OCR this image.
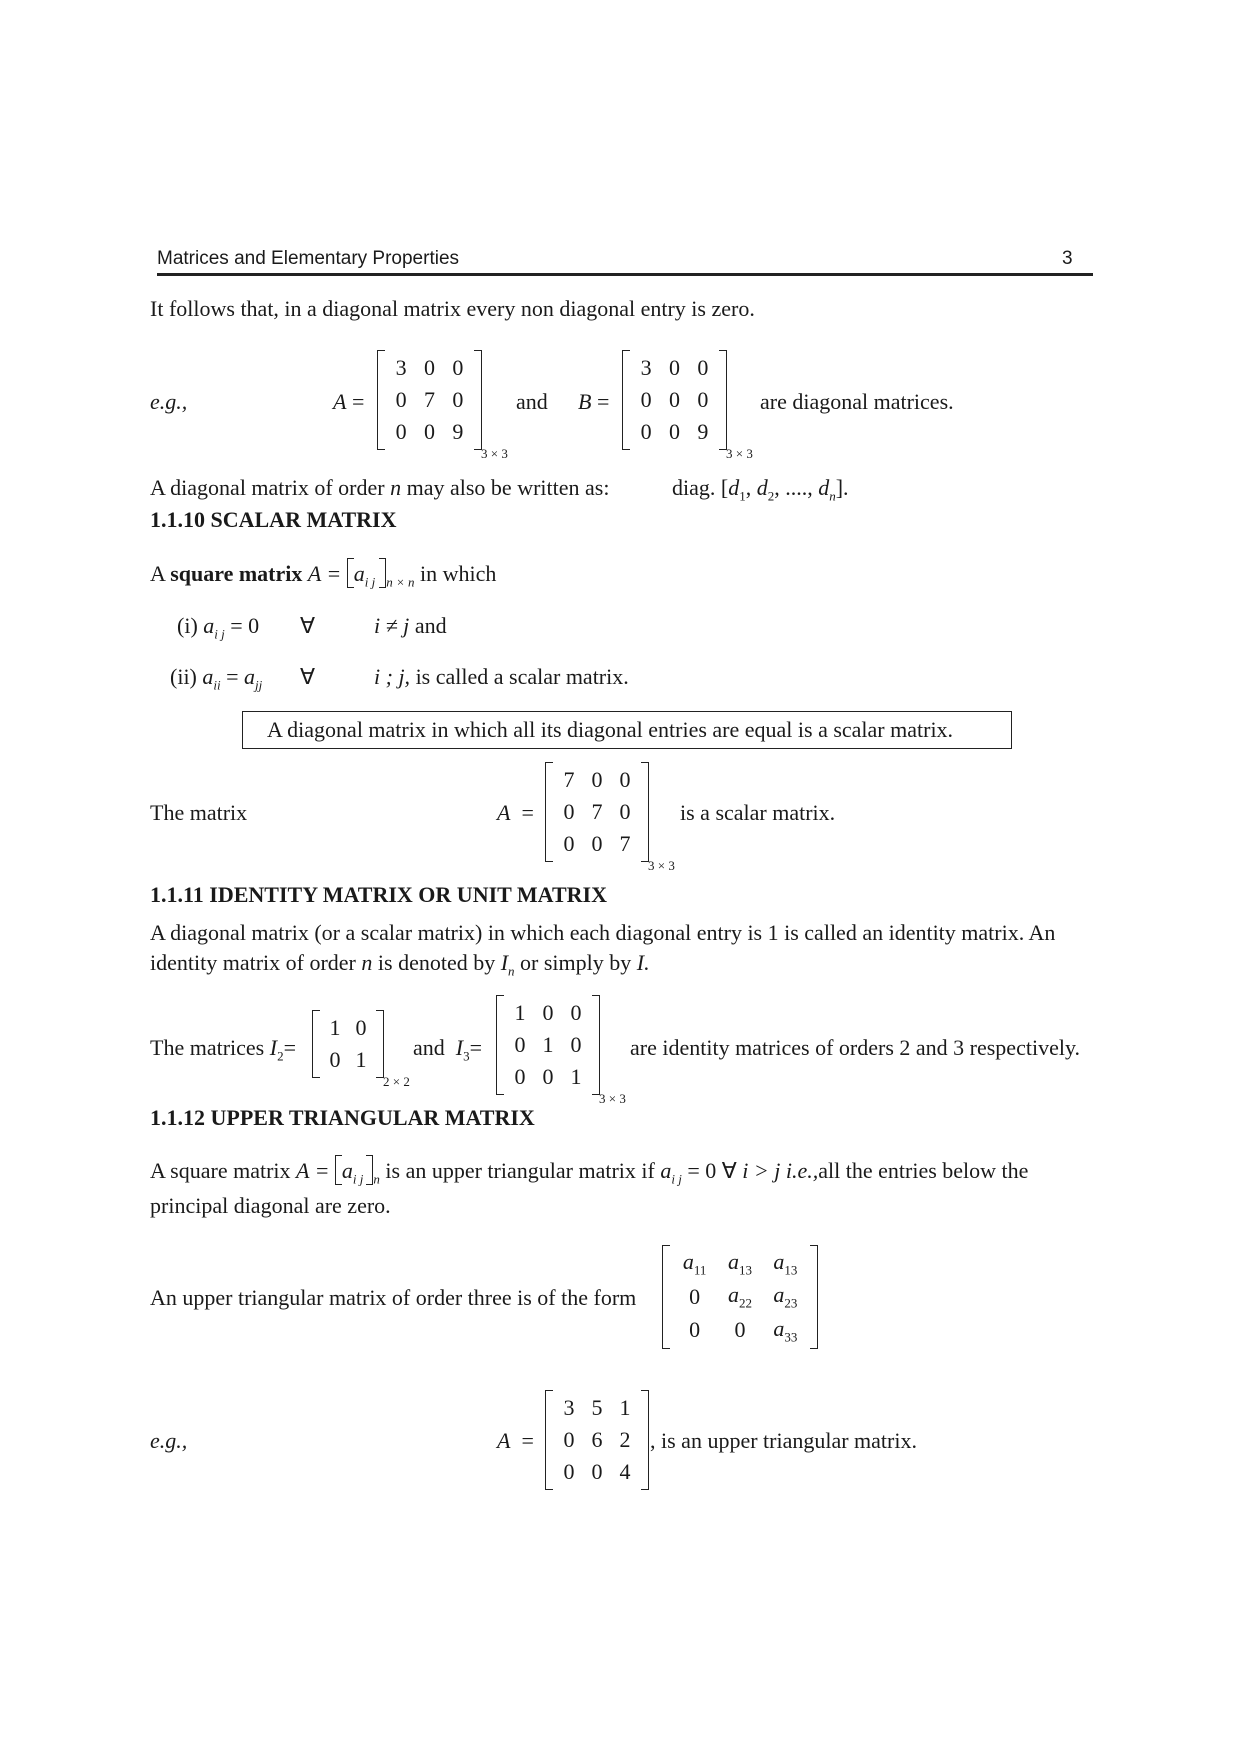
Matrices and Elementary Properties	3
It follows that, in a diagonal matrix every non diagonal entry is zero.
e.g.,	A =
3 0 0
0 7 0
0 0 9
3 × 3
and B =
3 0 0
0 0 0
0 0 9
3 × 3
are diagonal matrices.
A diagonal matrix of order n may also be written as:	diag. [$d_1$, $d_2$, ...., $d_n$].
1.1.10 SCALAR MATRIX
A square matrix $A = a_{i j}$ $_{n \times n}$ in which
(i) $a_{i j} = 0$ ∀	i ≠ j and
(ii) $a_{ii} = a_{jj}$ ∀	i ; j, is called a scalar matrix.
A diagonal matrix in which all its diagonal entries are equal is a scalar matrix.
The matrix	A  =
7 0 0
0 7 0
0 0 7
3 × 3
is a scalar matrix.
1.1.11 IDENTITY MATRIX OR UNIT MATRIX
A diagonal matrix (or a scalar matrix) in which each diagonal entry is 1 is called an identity matrix. An
identity matrix of order n is denoted by $I_n$ or simply by I.
The matrices $I_2=$
1 0
0 1
2 × 2
and $I_3=$
1 0 0
0 1 0
0 0 1
3 × 3
are identity matrices of orders 2 and 3 respectively.
1.1.12 UPPER TRIANGULAR MATRIX
A square matrix $A = a_{i j}$ $_n$ is an upper triangular matrix if $a_{i j} = 0$ ∀ i > j i.e.,all the entries below the
principal diagonal are zero.
An upper triangular matrix of order three is of the form
$a_{11}$ $a_{13}$ $a_{13}$
0 $a_{22}$ $a_{23}$
0 0 $a_{33}$
e.g.,	A  =
3 5 1
0 6 2
0 0 4
, is an upper triangular matrix.
